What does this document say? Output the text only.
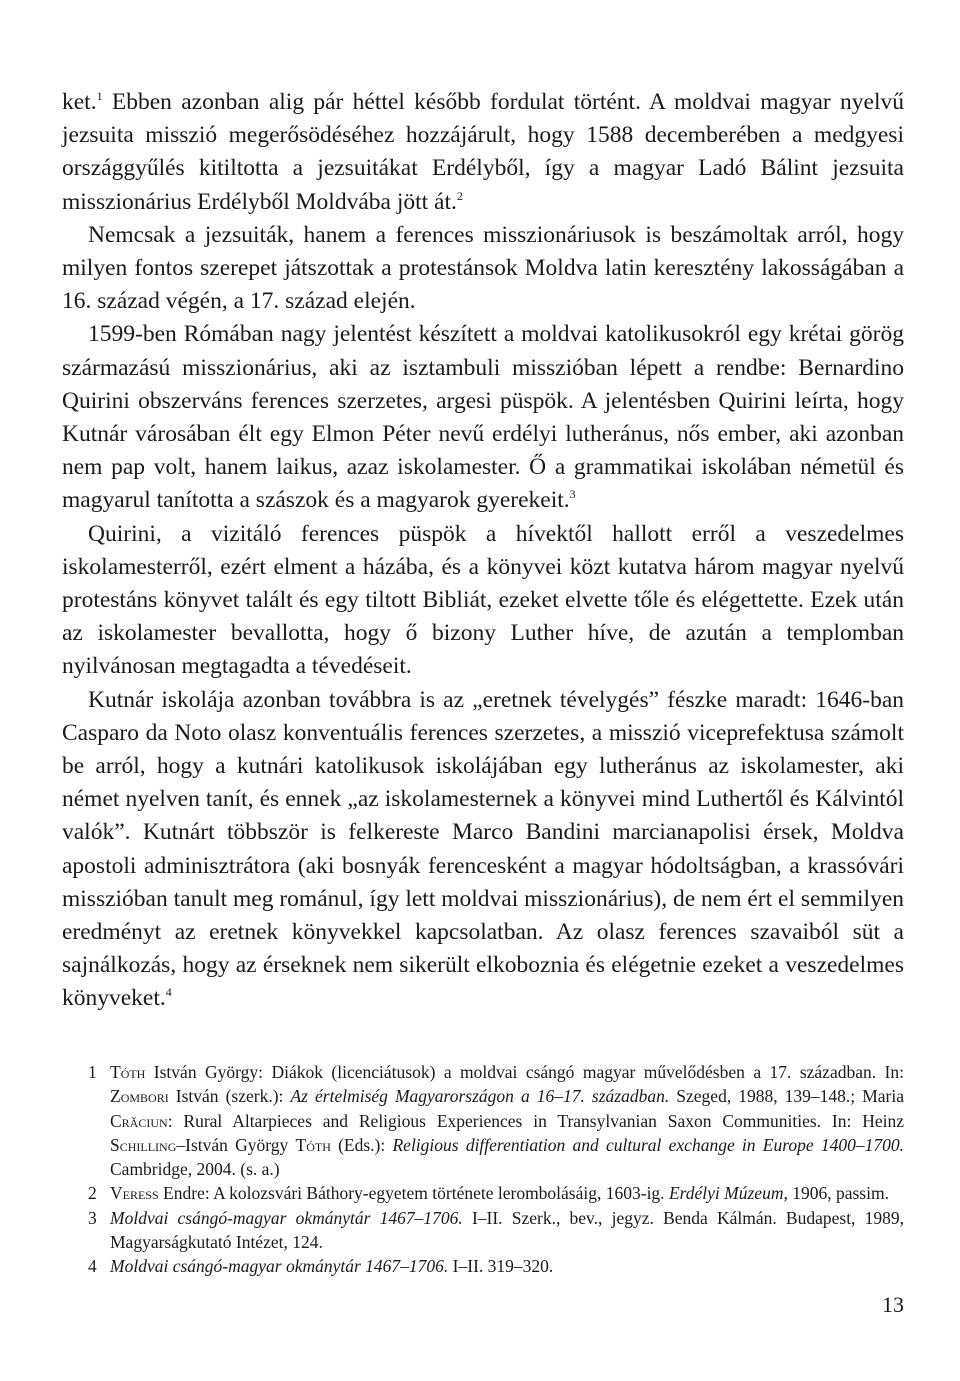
ket.$^1$ Ebben azonban alig pár héttel később fordulat történt. A moldvai magyar nyelvű jezsuita misszió megerősödéséhez hozzájárult, hogy 1588 decemberében a medgyesi országgyűlés kitiltotta a jezsuitákat Erdélyből, így a magyar Ladó Bálint jezsuita misszionárius Erdélyből Moldvába jött át.$^2$

Nemcsak a jezsuiták, hanem a ferences misszionáriusok is beszámoltak arról, hogy milyen fontos szerepet játszottak a protestánsok Moldva latin keresztény lakosságában a 16. század végén, a 17. század elején.

1599-ben Rómában nagy jelentést készített a moldvai katolikusokról egy krétai görög származású misszionárius, aki az isztambuli misszióban lépett a rendbe: Bernardino Quirini obszerváns ferences szerzetes, argesi püspök. A jelentésben Quirini leírta, hogy Kutnár városában élt egy Elmon Péter nevű erdélyi lutheránus, nős ember, aki azonban nem pap volt, hanem laikus, azaz iskolamester. Ő a grammatikai iskolában németül és magyarul tanította a szászok és a magyarok gyerekeit.$^3$

Quirini, a vizitáló ferences püspök a hívektől hallott erről a veszedelmes iskolamesterről, ezért elment a házába, és a könyvei közt kutatva három magyar nyelvű protestáns könyvet talált és egy tiltott Bibliát, ezeket elvette tőle és elégettette. Ezek után az iskolamester bevallotta, hogy ő bizony Luther híve, de azután a templomban nyilvánosan megtagadta a tévedéseit.

Kutnár iskolája azonban továbbra is az „eretnek tévelygés” fészke maradt: 1646-ban Casparo da Noto olasz konventuális ferences szerzetes, a misszió viceprefektusa számolt be arról, hogy a kutnári katolikusok iskolájában egy lutheránus az iskolamester, aki német nyelven tanít, és ennek „az iskolamesternek a könyvei mind Luthertől és Kálvintól valók”. Kutnárt többször is felkereste Marco Bandini marcianapolisi érsek, Moldva apostoli adminisztrátora (aki bosnyák ferencesként a magyar hódoltságban, a krassóvári misszióban tanult meg románul, így lett moldvai misszionárius), de nem ért el semmilyen eredményt az eretnek könyvekkel kapcsolatban. Az olasz ferences szavaiból süt a sajnálkozás, hogy az érseknek nem sikerült elkoboznia és elégetnie ezeket a veszedelmes könyveket.$^4$

1 Tóth István György: Diákok (licenciátusok) a moldvai csángó magyar művelődésben a 17. században. In: Zombori István (szerk.): Az értelmiség Magyarországon a 16–17. században. Szeged, 1988, 139–148.; Maria Crăciun: Rural Altarpieces and Religious Experiences in Transylvanian Saxon Communities. In: Heinz Schilling–István György Tóth (Eds.): Religious differentiation and cultural exchange in Europe 1400–1700. Cambridge, 2004. (s. a.)

2 Veress Endre: A kolozsvári Báthory-egyetem története lerombolásáig, 1603-ig. Erdélyi Múzeum, 1906, passim.

3 Moldvai csángó-magyar okmánytár 1467–1706. I–II. Szerk., bev., jegyz. Benda Kálmán. Budapest, 1989, Magyarságkutató Intézet, 124.

4 Moldvai csángó-magyar okmánytár 1467–1706. I–II. 319–320.

13
